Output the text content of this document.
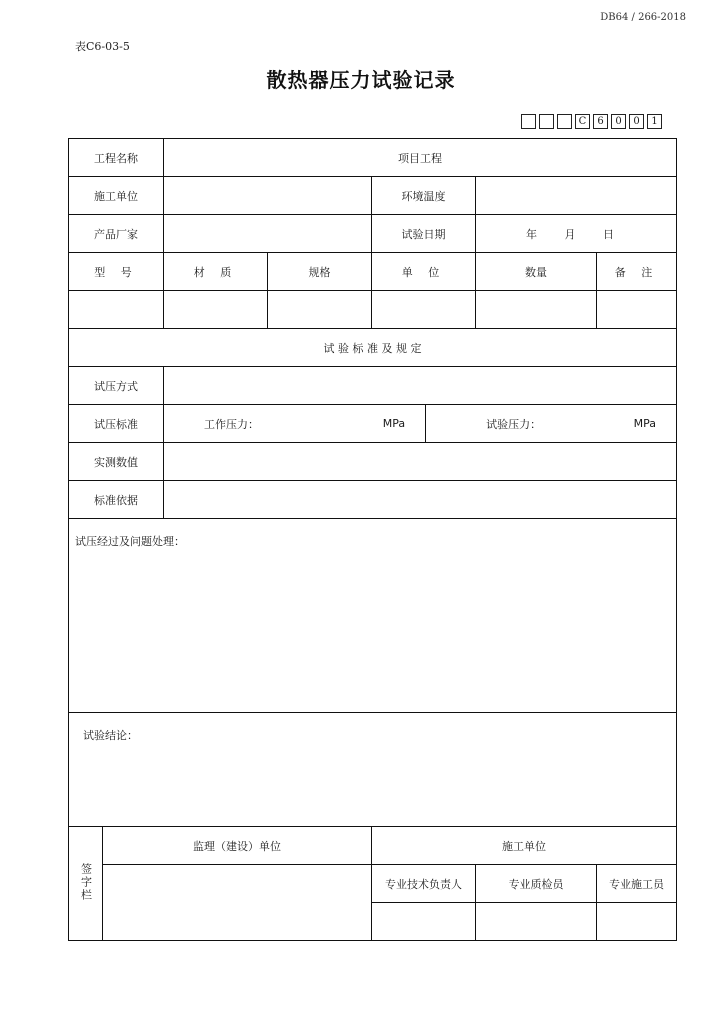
DB64 / 266-2018
表C6-03-5
散热器压力试验记录
C	6	0	0	1
工程名称		项目工程				
施工单位				环境温度		
产品厂家				试验日期	年 月 日	
型 号		材 质	规格	单 位	数量	备 注

试 验 标 准 及 规 定						
试压方式						
试压标准		工作压力： MPa 试验压力： MPa				

实测数值						
标准依据						
试压经过及问题处理：						
试验结论：						
签字栏	监理（建设）单位			施工单位		
				专业技术负责人	专业质检员	专业施工员
